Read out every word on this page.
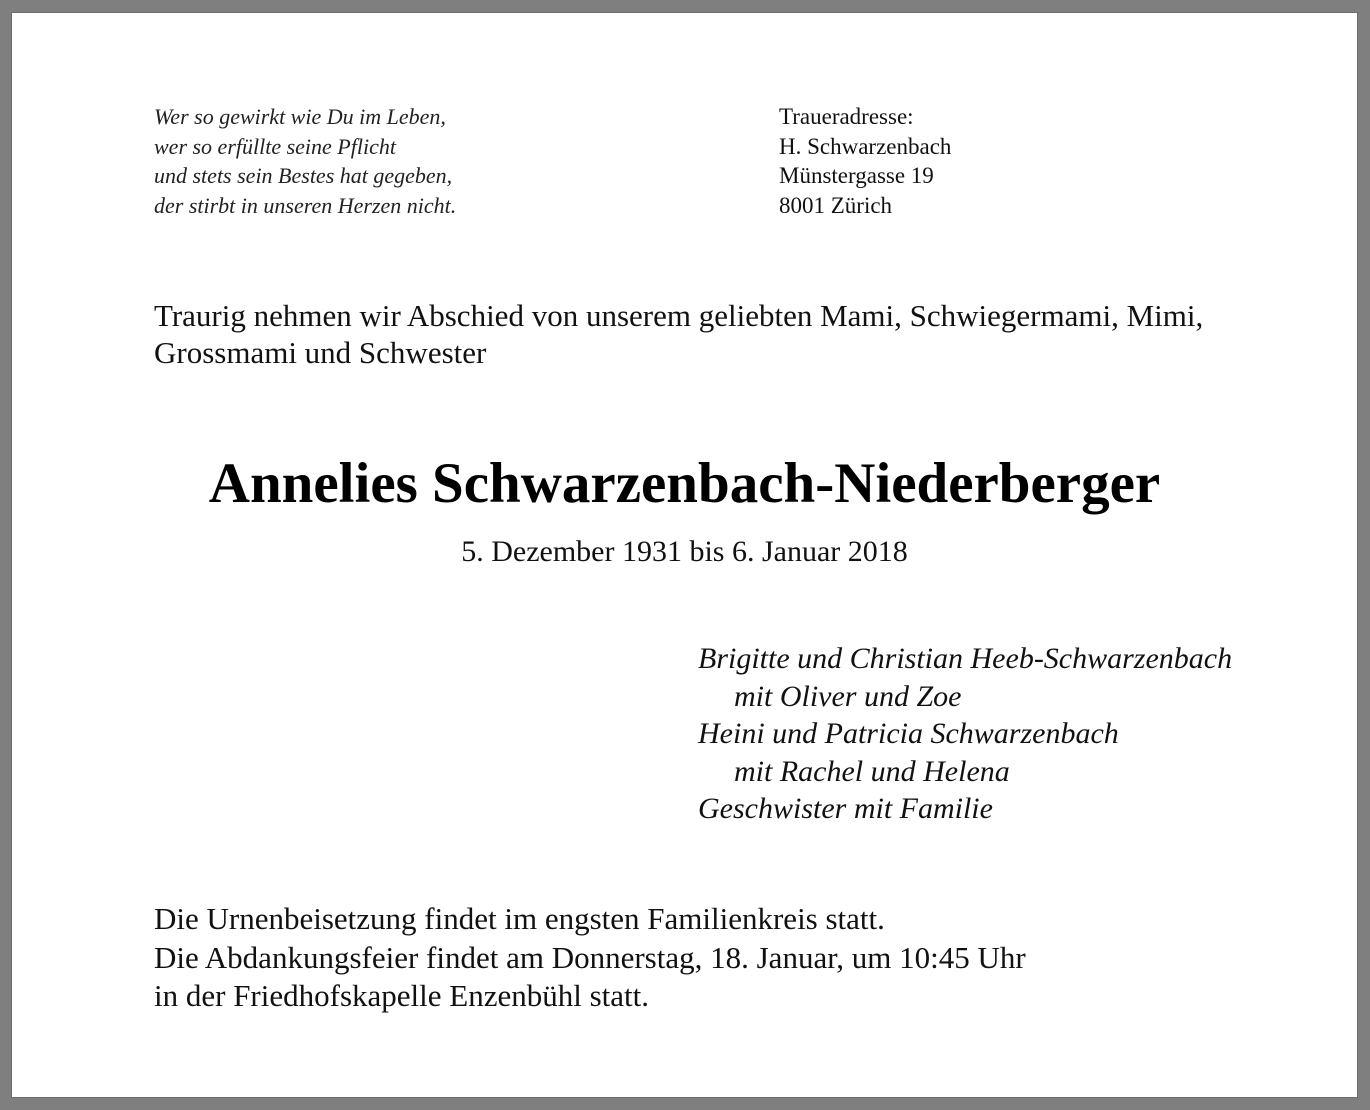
Wer so gewirkt wie Du im Leben,
wer so erfüllte seine Pflicht
und stets sein Bestes hat gegeben,
der stirbt in unseren Herzen nicht.
Traueradresse:
H. Schwarzenbach
Münstergasse 19
8001 Zürich
Traurig nehmen wir Abschied von unserem geliebten Mami, Schwiegermami, Mimi, Grossmami und Schwester
Annelies Schwarzenbach-Niederberger
5. Dezember 1931 bis 6. Januar 2018
Brigitte und Christian Heeb-Schwarzenbach
mit Oliver und Zoe
Heini und Patricia Schwarzenbach
mit Rachel und Helena
Geschwister mit Familie
Die Urnenbeisetzung findet im engsten Familienkreis statt.
Die Abdankungsfeier findet am Donnerstag, 18. Januar, um 10:45 Uhr
in der Friedhofskapelle Enzenbühl statt.
